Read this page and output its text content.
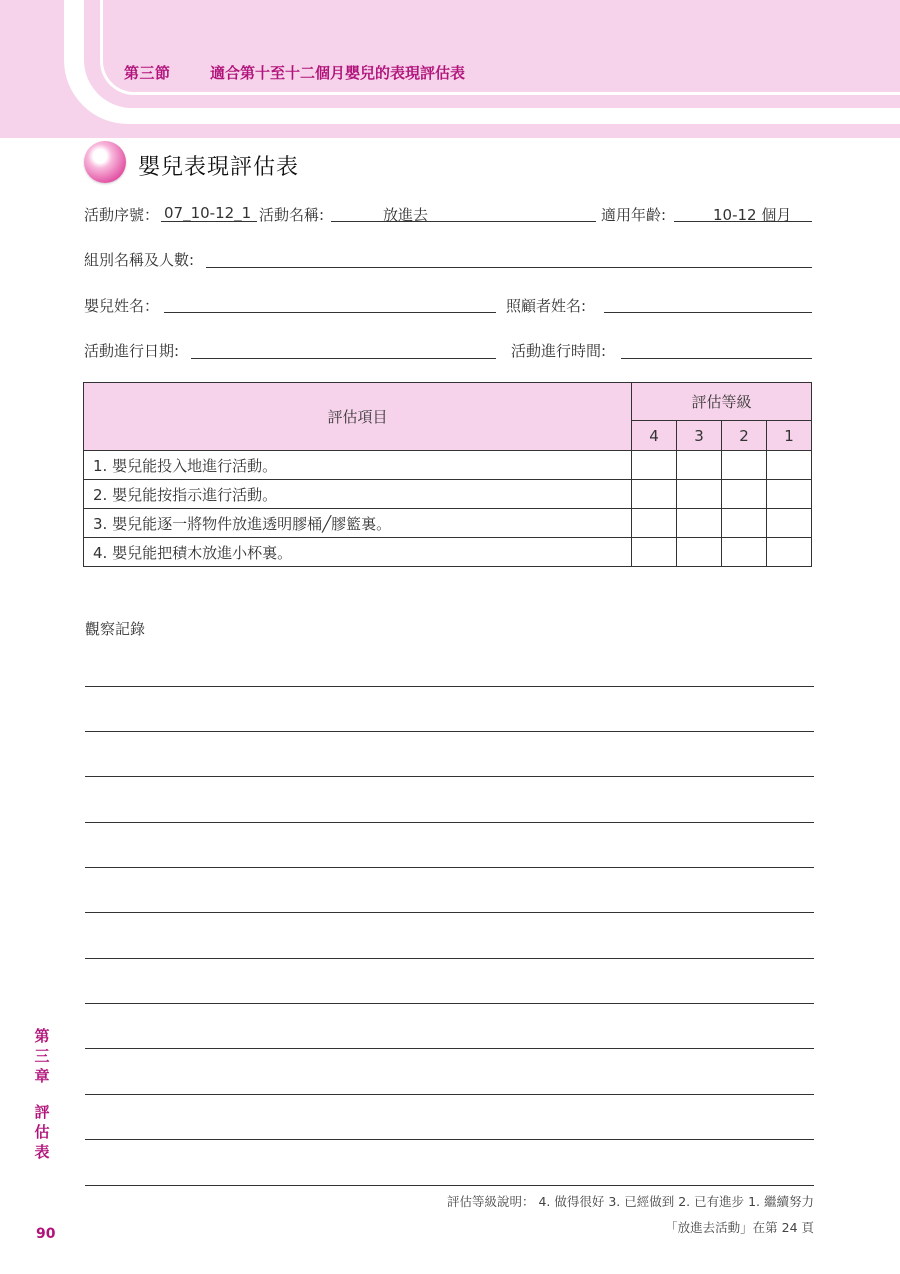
第三節	適合第十至十二個月嬰兒的表現評估表
嬰兒表現評估表
活動序號： 07_10-12_1 活動名稱:	放進去	適用年齡:	10-12 個月
組別名稱及人數:
嬰兒姓名：	照顧者姓名:
活動進行日期:	活動進行時間:
評估項目	評估等級			
	4	3	2	1
1. 嬰兒能投入地進行活動。				
2. 嬰兒能按指示進行活動。				
3. 嬰兒能逐一將物件放進透明膠桶╱膠籃裏。				
4. 嬰兒能把積木放進小杯裏。				
觀察記錄
評估等級說明： 4. 做得很好 3. 已經做到 2. 已有進步 1. 繼續努力
「放進去活動」在第 24 頁
第
三
章
評
估
表
90
